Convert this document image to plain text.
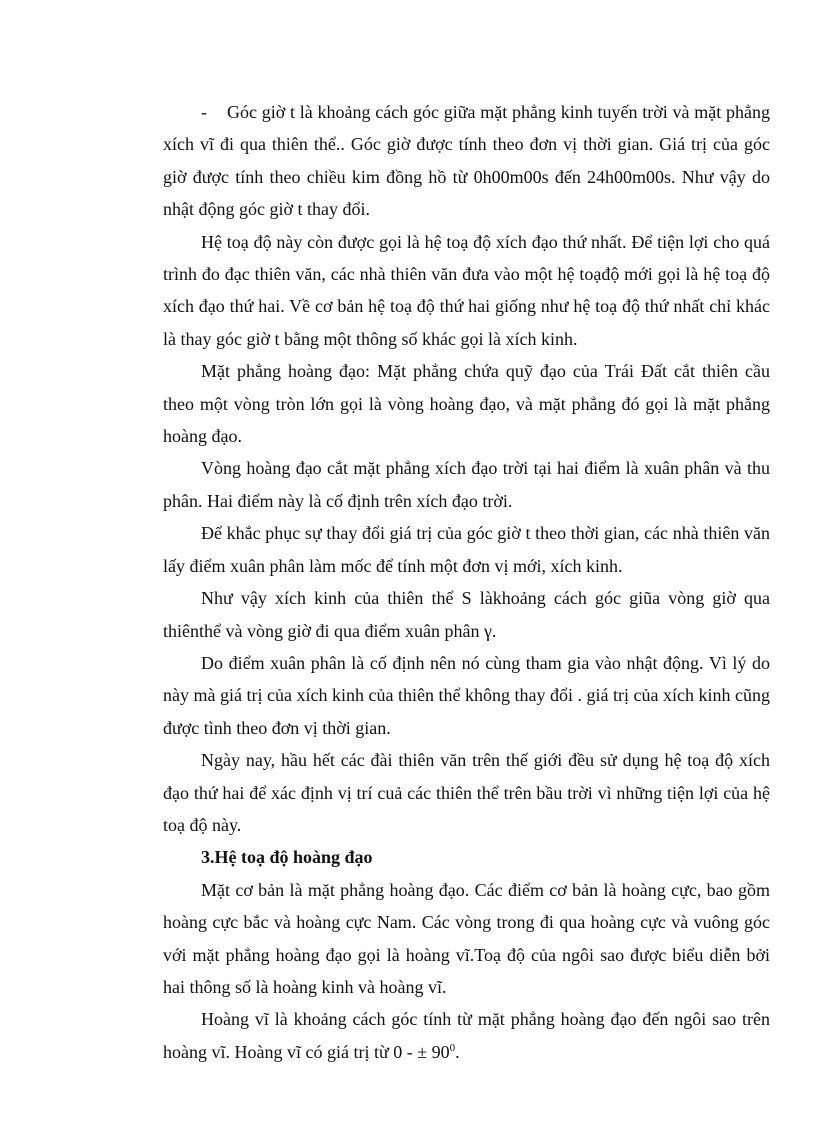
- Góc giờ t là khoảng cách góc giữa mặt phẳng kinh tuyến trời và mặt phẳng xích vĩ đi qua thiên thể.. Góc giờ được tính theo đơn vị thời gian. Giá trị của góc giờ được tính theo chiều kim đồng hồ từ 0h00m00s đến 24h00m00s. Như vậy do nhật động góc giờ t thay đổi.

Hệ toạ độ này còn được gọi là hệ toạ độ xích đạo thứ nhất. Để tiện lợi cho quá trình đo đạc thiên văn, các nhà thiên văn đưa vào một hệ toạđộ mới gọi là hệ toạ độ xích đạo thứ hai. Về cơ bản hệ toạ độ thứ hai giống như hệ toạ độ thứ nhất chỉ khác là thay góc giờ t bằng một thông số khác gọi là xích kinh.

Mặt phẳng hoàng đạo: Mặt phẳng chứa quỹ đạo của Trái Đất cắt thiên cầu theo một vòng tròn lớn gọi là vòng hoàng đạo, và mặt phẳng đó gọi là mặt phẳng hoàng đạo.

Vòng hoàng đạo cắt mặt phẳng xích đạo trời tại hai điểm là xuân phân và thu phân. Hai điểm này là cố định trên xích đạo trời.

Để khắc phục sự thay đổi giá trị của góc giờ t theo thời gian, các nhà thiên văn lấy điểm xuân phân làm mốc để tính một đơn vị mới, xích kinh.

Như vậy xích kinh của thiên thể S làkhoảng cách góc giũa vòng giờ qua thiênthể và vòng giờ đi qua điểm xuân phân γ.

Do điểm xuân phân là cố định nên nó cùng tham gia vào nhật động. Vì lý do này mà giá trị của xích kinh của thiên thể không thay đổi . giá trị của xích kinh cũng được tình theo đơn vị thời gian.

Ngày nay, hầu hết các đài thiên văn trên thế giới đều sử dụng hệ toạ độ xích đạo thứ hai để xác định vị trí cuả các thiên thể trên bầu trời vì những tiện lợi của hệ toạ độ này.

3.Hệ toạ độ hoàng đạo

Mặt cơ bản là mặt phẳng hoàng đạo. Các điểm cơ bản là hoàng cực, bao gồm hoàng cực bắc và hoàng cực Nam. Các vòng trong đi qua hoàng cực và vuông góc với mặt phẳng hoàng đạo gọi là hoàng vĩ.Toạ độ của ngôi sao được biểu diễn bởi hai thông số là hoàng kinh và hoàng vĩ.

Hoàng vĩ là khoảng cách góc tính từ mặt phẳng hoàng đạo đến ngôi sao trên hoàng vĩ. Hoàng vĩ có giá trị từ 0 - ± $90^0$.
